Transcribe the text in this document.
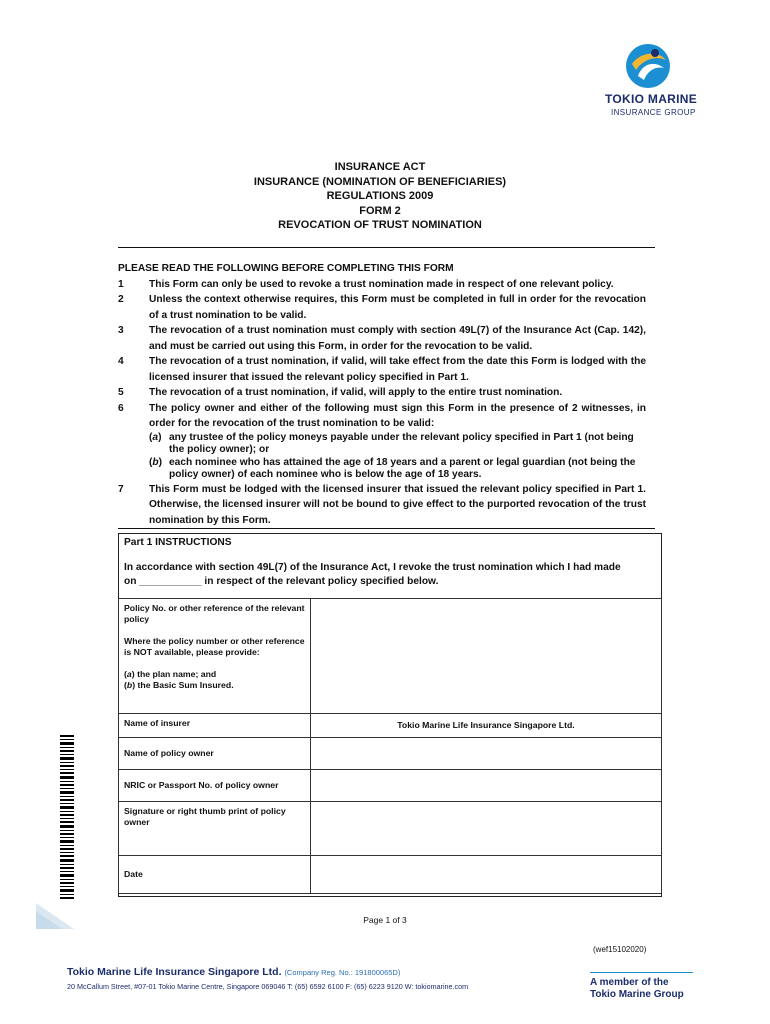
TOKIO MARINE
INSURANCE GROUP
INSURANCE ACT
INSURANCE (NOMINATION OF BENEFICIARIES)
REGULATIONS 2009
FORM 2
REVOCATION OF TRUST NOMINATION
PLEASE READ THE FOLLOWING BEFORE COMPLETING THIS FORM
1 This Form can only be used to revoke a trust nomination made in respect of one relevant policy.
2 Unless the context otherwise requires, this Form must be completed in full in order for the revocation of a trust nomination to be valid.
3 The revocation of a trust nomination must comply with section 49L(7) of the Insurance Act (Cap. 142), and must be carried out using this Form, in order for the revocation to be valid.
4 The revocation of a trust nomination, if valid, will take effect from the date this Form is lodged with the licensed insurer that issued the relevant policy specified in Part 1.
5 The revocation of a trust nomination, if valid, will apply to the entire trust nomination.
6 The policy owner and either of the following must sign this Form in the presence of 2 witnesses, in order for the revocation of the trust nomination to be valid:
(a) any trustee of the policy moneys payable under the relevant policy specified in Part 1 (not being the policy owner); or
(b) each nominee who has attained the age of 18 years and a parent or legal guardian (not being the policy owner) of each nominee who is below the age of 18 years.
7 This Form must be lodged with the licensed insurer that issued the relevant policy specified in Part 1. Otherwise, the licensed insurer will not be bound to give effect to the purported revocation of the trust nomination by this Form.
Part 1 INSTRUCTIONS
In accordance with section 49L(7) of the Insurance Act, I revoke the trust nomination which I had made
on ___________ in respect of the relevant policy specified below.
Policy No. or other reference of the relevant policy
Where the policy number or other reference is NOT available, please provide:
(a) the plan name; and
(b) the Basic Sum Insured.	

Name of insurer	Tokio Marine Life Insurance Singapore Ltd.
Name of policy owner	
NRIC or Passport No. of policy owner	
Signature or right thumb print of policy owner	
Date	
Page 1 of 3
(wef15102020)
Tokio Marine Life Insurance Singapore Ltd. (Company Reg. No.: 191800065D)
20 McCallum Street, #07-01 Tokio Marine Centre, Singapore 069046 T: (65) 6592 6100 F: (65) 6223 9120 W: tokiomarine.com	A member of the
Tokio Marine Group
